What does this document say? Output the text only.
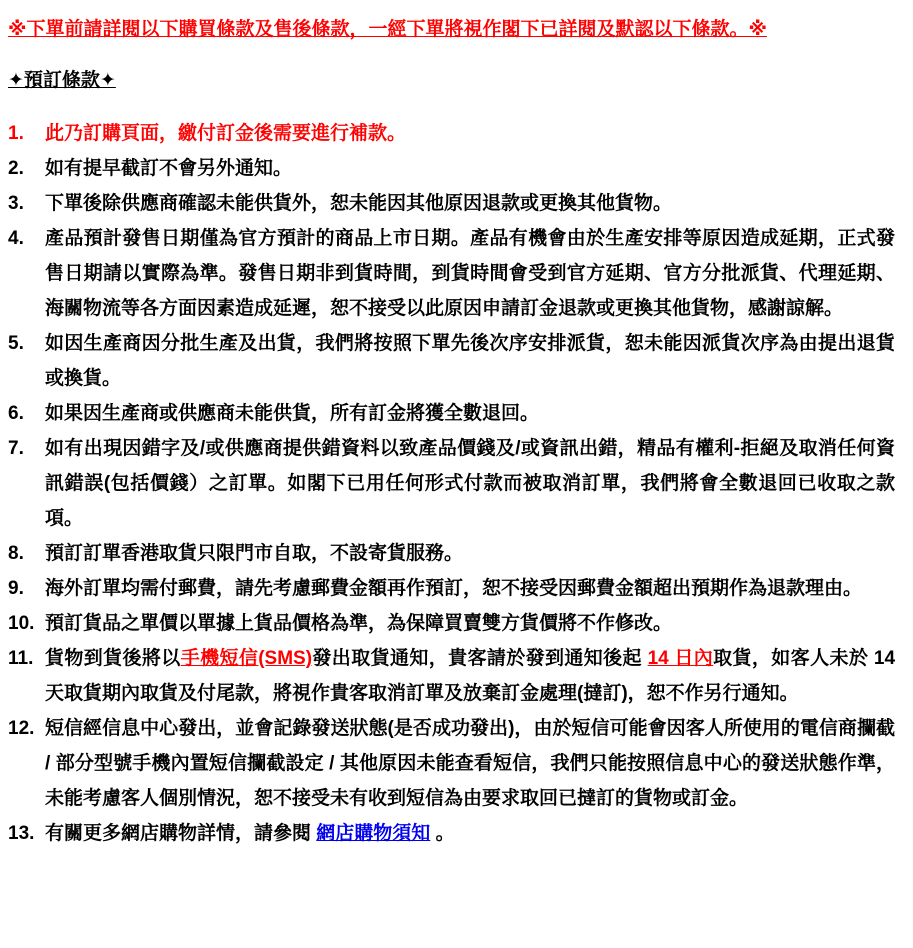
※下單前請詳閱以下購買條款及售後條款，一經下單將視作閣下已詳閱及默認以下條款。※
✦預訂條款✦
1.	此乃訂購頁面，繳付訂金後需要進行補款。
2.	如有提早截訂不會另外通知。
3.	下單後除供應商確認未能供貨外，恕未能因其他原因退款或更換其他貨物。
4.	產品預計發售日期僅為官方預計的商品上市日期。產品有機會由於生產安排等原因造成延期，正式發售日期請以實際為準。發售日期非到貨時間，到貨時間會受到官方延期、官方分批派貨、代理延期、海關物流等各方面因素造成延遲，恕不接受以此原因申請訂金退款或更換其他貨物，感謝諒解。
5.	如因生產商因分批生產及出貨，我們將按照下單先後次序安排派貨，恕未能因派貨次序為由提出退貨或換貨。
6.	如果因生產商或供應商未能供貨，所有訂金將獲全數退回。
7.	如有出現因錯字及/或供應商提供錯資料以致產品價錢及/或資訊出錯，精品有權利-拒絕及取消任何資訊錯誤(包括價錢）之訂單。如閣下已用任何形式付款而被取消訂單，我們將會全數退回已收取之款項。
8.	預訂訂單香港取貨只限門市自取，不設寄貨服務。
9.	海外訂單均需付郵費，請先考慮郵費金額再作預訂，恕不接受因郵費金額超出預期作為退款理由。
10. 預訂貨品之單價以單據上貨品價格為準，為保障買賣雙方貨價將不作修改。
11. 貨物到貨後將以手機短信(SMS)發出取貨通知，貴客請於發到通知後起 14 日內取貨，如客人未於 14 天取貨期內取貨及付尾款，將視作貴客取消訂單及放棄訂金處理(撻訂)，恕不作另行通知。
12. 短信經信息中心發出，並會記錄發送狀態(是否成功發出)，由於短信可能會因客人所使用的電信商攔截 / 部分型號手機內置短信攔截設定 / 其他原因未能查看短信，我們只能按照信息中心的發送狀態作準，未能考慮客人個別情況，恕不接受未有收到短信為由要求取回已撻訂的貨物或訂金。
13. 有關更多網店購物詳情，請參閱 網店購物須知 。
